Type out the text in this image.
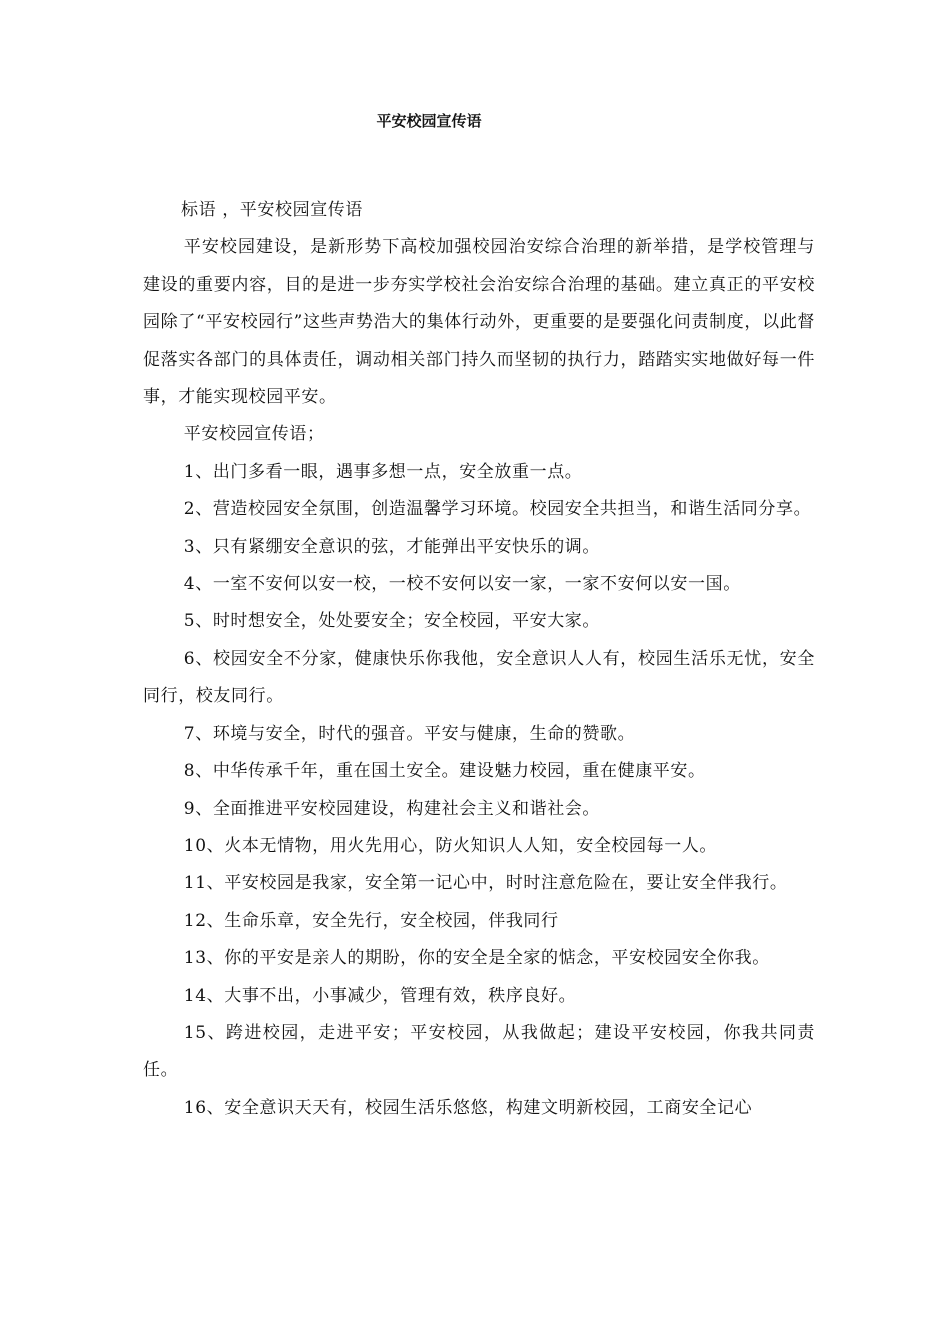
平安校园宣传语

标语 ，平安校园宣传语

平安校园建设，是新形势下高校加强校园治安综合治理的新举措，是学校管理与建设的重要内容，目的是进一步夯实学校社会治安综合治理的基础。建立真正的平安校园除了“平安校园行”这些声势浩大的集体行动外，更重要的是要强化问责制度，以此督促落实各部门的具体责任，调动相关部门持久而坚韧的执行力，踏踏实实地做好每一件事，才能实现校园平安。

平安校园宣传语；

1、出门多看一眼，遇事多想一点，安全放重一点。

2、营造校园安全氛围，创造温馨学习环境。校园安全共担当，和谐生活同分享。

3、只有紧绷安全意识的弦，才能弹出平安快乐的调。

4、一室不安何以安一校，一校不安何以安一家，一家不安何以安一国。

5、时时想安全，处处要安全；安全校园，平安大家。

6、校园安全不分家，健康快乐你我他，安全意识人人有，校园生活乐无忧，安全同行，校友同行。

7、环境与安全，时代的强音。平安与健康，生命的赞歌。

8、中华传承千年，重在国土安全。建设魅力校园，重在健康平安。

9、全面推进平安校园建设，构建社会主义和谐社会。

10、火本无情物，用火先用心，防火知识人人知，安全校园每一人。

11、平安校园是我家，安全第一记心中，时时注意危险在，要让安全伴我行。

12、生命乐章，安全先行，安全校园，伴我同行

13、你的平安是亲人的期盼，你的安全是全家的惦念，平安校园安全你我。

14、大事不出，小事减少，管理有效，秩序良好。

15、跨进校园，走进平安；平安校园，从我做起；建设平安校园，你我共同责任。

16、安全意识天天有，校园生活乐悠悠，构建文明新校园，工商安全记心
